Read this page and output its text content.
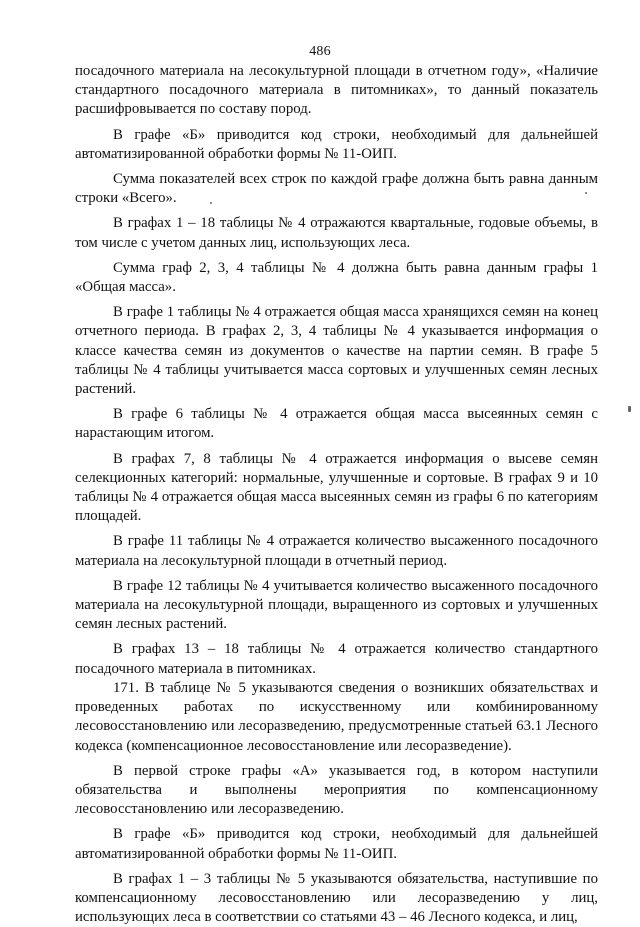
486

посадочного материала на лесокультурной площади в отчетном году», «Наличие стандартного посадочного материала в питомниках», то данный показатель расшифровывается по составу пород.

В графе «Б» приводится код строки, необходимый для дальнейшей автоматизированной обработки формы № 11-ОИП.

Сумма показателей всех строк по каждой графе должна быть равна данным строки «Всего».

В графах 1 – 18 таблицы № 4 отражаются квартальные, годовые объемы, в том числе с учетом данных лиц, использующих леса.

Сумма граф 2, 3, 4 таблицы № 4 должна быть равна данным графы 1 «Общая масса».

В графе 1 таблицы № 4 отражается общая масса хранящихся семян на конец отчетного периода. В графах 2, 3, 4 таблицы № 4 указывается информация о классе качества семян из документов о качестве на партии семян. В графе 5 таблицы № 4 таблицы учитывается масса сортовых и улучшенных семян лесных растений.

В графе 6 таблицы № 4 отражается общая масса высеянных семян с нарастающим итогом.

В графах 7, 8 таблицы № 4 отражается информация о высеве семян селекционных категорий: нормальные, улучшенные и сортовые. В графах 9 и 10 таблицы № 4 отражается общая масса высеянных семян из графы 6 по категориям площадей.

В графе 11 таблицы № 4 отражается количество высаженного посадочного материала на лесокультурной площади в отчетный период.

В графе 12 таблицы № 4 учитывается количество высаженного посадочного материала на лесокультурной площади, выращенного из сортовых и улучшенных семян лесных растений.

В графах 13 – 18 таблицы № 4 отражается количество стандартного посадочного материала в питомниках.

171. В таблице № 5 указываются сведения о возникших обязательствах и проведенных работах по искусственному или комбинированному лесовосстановлению или лесоразведению, предусмотренные статьей 63.1 Лесного кодекса (компенсационное лесовосстановление или лесоразведение).

В первой строке графы «А» указывается год, в котором наступили обязательства и выполнены мероприятия по компенсационному лесовосстановлению или лесоразведению.

В графе «Б» приводится код строки, необходимый для дальнейшей автоматизированной обработки формы № 11-ОИП.

В графах 1 – 3 таблицы № 5 указываются обязательства, наступившие по компенсационному лесовосстановлению или лесоразведению у лиц, использующих леса в соответствии со статьями 43 – 46 Лесного кодекса, и лиц,
